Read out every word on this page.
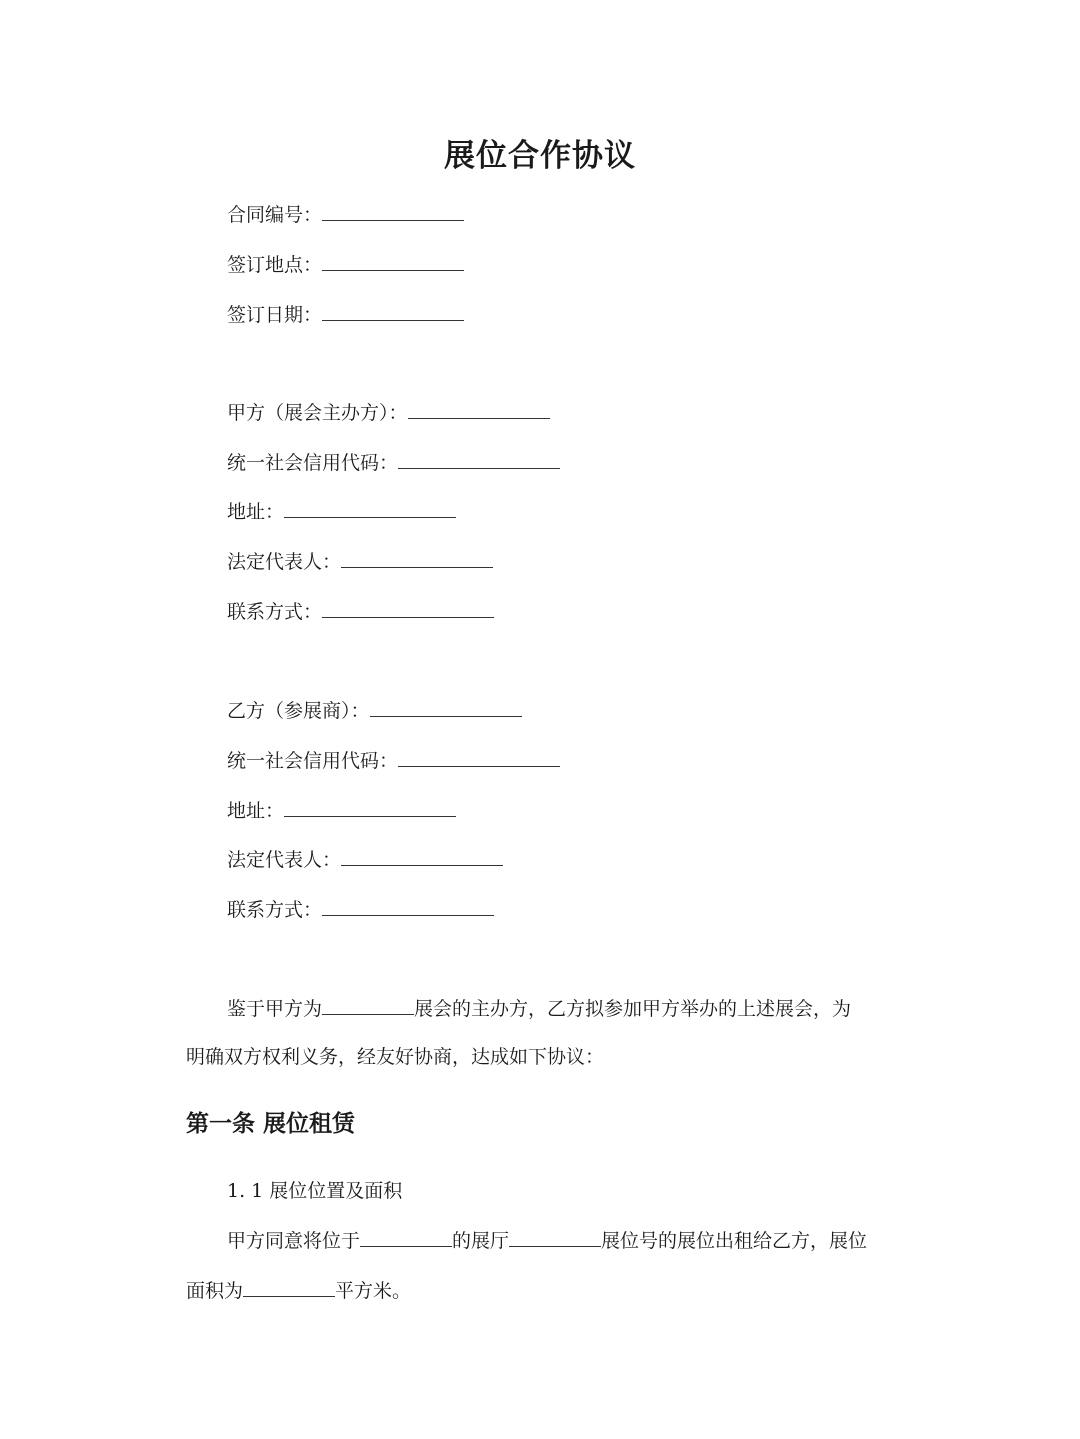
展位合作协议
合同编号：
签订地点：
签订日期：
甲方（展会主办方）：
统一社会信用代码：
地址：
法定代表人：
联系方式：
乙方（参展商）：
统一社会信用代码：
地址：
法定代表人：
联系方式：
鉴于甲方为	展会的主办方，乙方拟参加甲方举办的上述展会，为
明确双方权利义务，经友好协商，达成如下协议：
第一条 展位租赁
1. 1 展位位置及面积
甲方同意将位于	的展厅	展位号的展位出租给乙方，展位
面积为	平方米。
